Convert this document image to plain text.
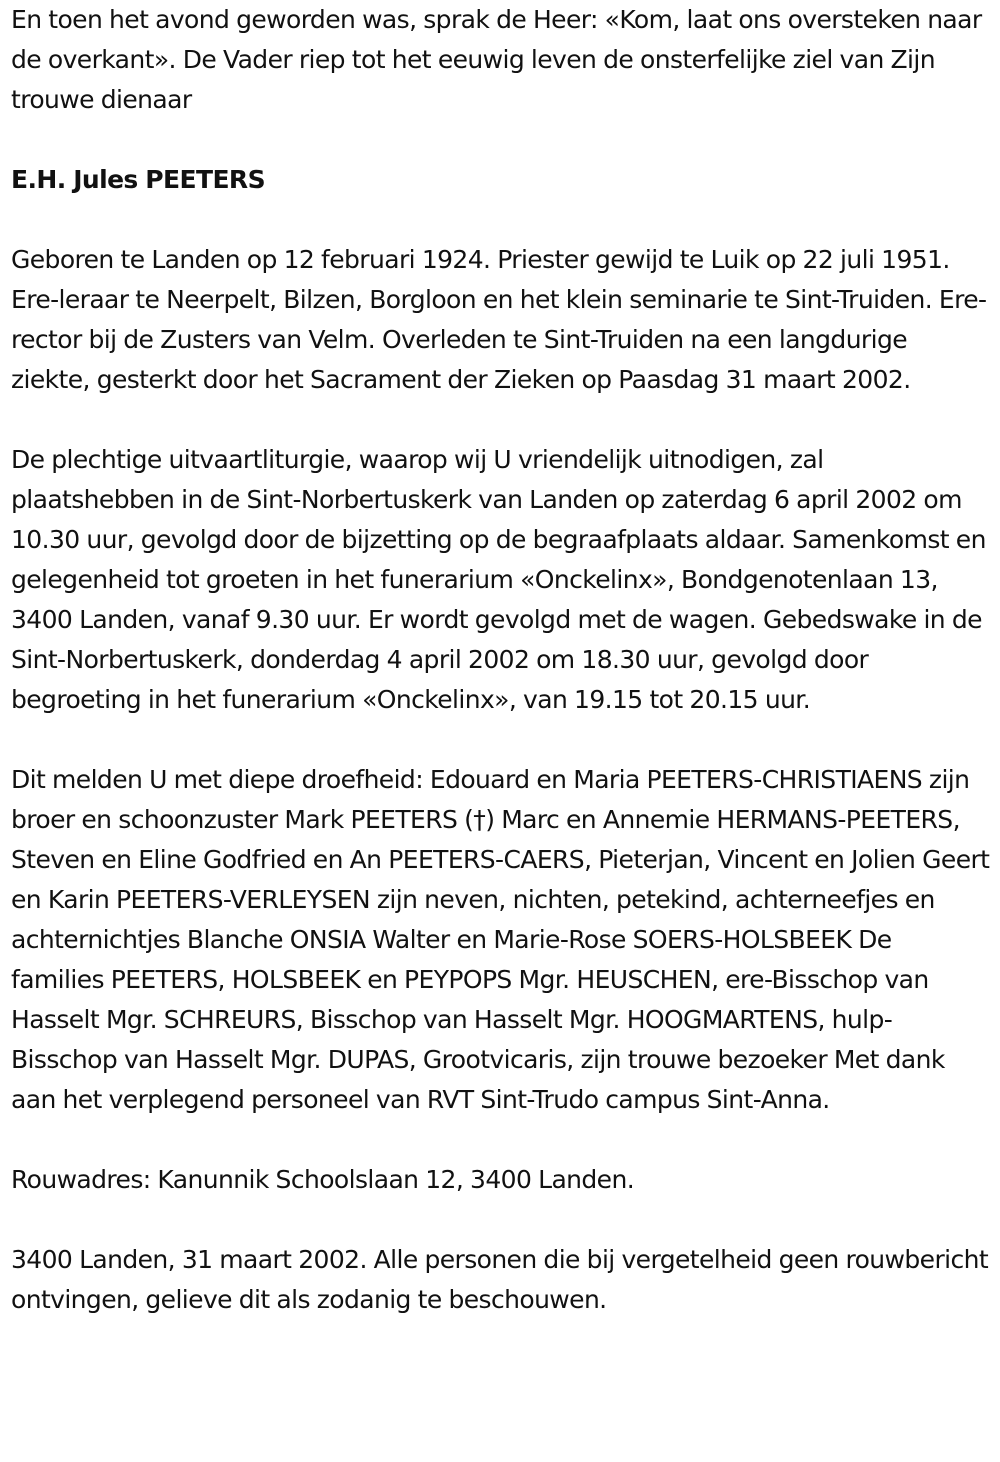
En toen het avond geworden was, sprak de Heer: «Kom, laat ons oversteken naar de overkant». De Vader riep tot het eeuwig leven de onsterfelijke ziel van Zijn trouwe dienaar

E.H. Jules PEETERS

Geboren te Landen op 12 februari 1924. Priester gewijd te Luik op 22 juli 1951. Ere-leraar te Neerpelt, Bilzen, Borgloon en het klein seminarie te Sint-Truiden. Ere-rector bij de Zusters van Velm. Overleden te Sint-Truiden na een langdurige ziekte, gesterkt door het Sacrament der Zieken op Paasdag 31 maart 2002.

De plechtige uitvaartliturgie, waarop wij U vriendelijk uitnodigen, zal plaatshebben in de Sint-Norbertuskerk van Landen op zaterdag 6 april 2002 om 10.30 uur, gevolgd door de bijzetting op de begraafplaats aldaar. Samenkomst en gelegenheid tot groeten in het funerarium «Onckelinx», Bondgenotenlaan 13, 3400 Landen, vanaf 9.30 uur. Er wordt gevolgd met de wagen. Gebedswake in de Sint-Norbertuskerk, donderdag 4 april 2002 om 18.30 uur, gevolgd door begroeting in het funerarium «Onckelinx», van 19.15 tot 20.15 uur.

Dit melden U met diepe droefheid: Edouard en Maria PEETERS-CHRISTIAENS zijn broer en schoonzuster Mark PEETERS (†) Marc en Annemie HERMANS-PEETERS, Steven en Eline Godfried en An PEETERS-CAERS, Pieterjan, Vincent en Jolien Geert en Karin PEETERS-VERLEYSEN zijn neven, nichten, petekind, achterneefjes en achternichtjes Blanche ONSIA Walter en Marie-Rose SOERS-HOLSBEEK De families PEETERS, HOLSBEEK en PEYPOPS Mgr. HEUSCHEN, ere-Bisschop van Hasselt Mgr. SCHREURS, Bisschop van Hasselt Mgr. HOOGMARTENS, hulp-Bisschop van Hasselt Mgr. DUPAS, Grootvicaris, zijn trouwe bezoeker Met dank aan het verplegend personeel van RVT Sint-Trudo campus Sint-Anna.

Rouwadres: Kanunnik Schoolslaan 12, 3400 Landen.

3400 Landen, 31 maart 2002. Alle personen die bij vergetelheid geen rouwbericht ontvingen, gelieve dit als zodanig te beschouwen.
